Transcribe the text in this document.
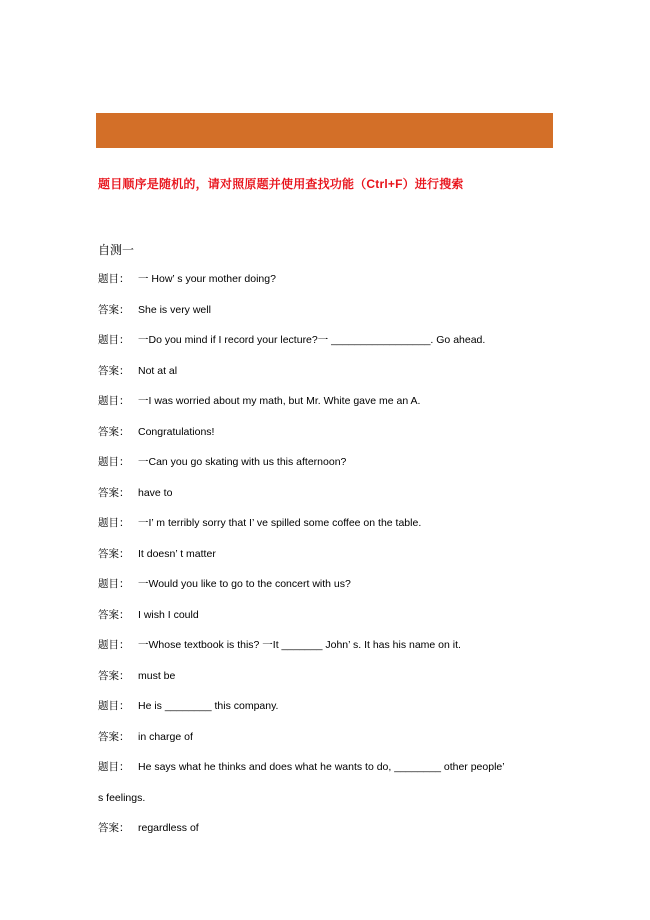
题目顺序是随机的，请对照原题并使用查找功能（Ctrl+F）进行搜索
自测一
题目： 一 How’ s your mother doing?
答案： She is very well
题目： 一Do you mind if I record your lecture?一 _________________. Go ahead.
答案： Not at al
题目： 一I was worried about my math, but Mr. White gave me an A.
答案： Congratulations!
题目： 一Can you go skating with us this afternoon?
答案： have to
题目： 一I’ m terribly sorry that I’ ve spilled some coffee on the table.
答案： It doesn’ t matter
题目： 一Would you like to go to the concert with us?
答案： I wish I could
题目： 一Whose textbook is this? 一It _______ John’ s. It has his name on it.
答案： must be
题目： He is ________ this company.
答案： in charge of
题目： He says what he thinks and does what he wants to do, ________ other people’
s feelings.
答案： regardless of
